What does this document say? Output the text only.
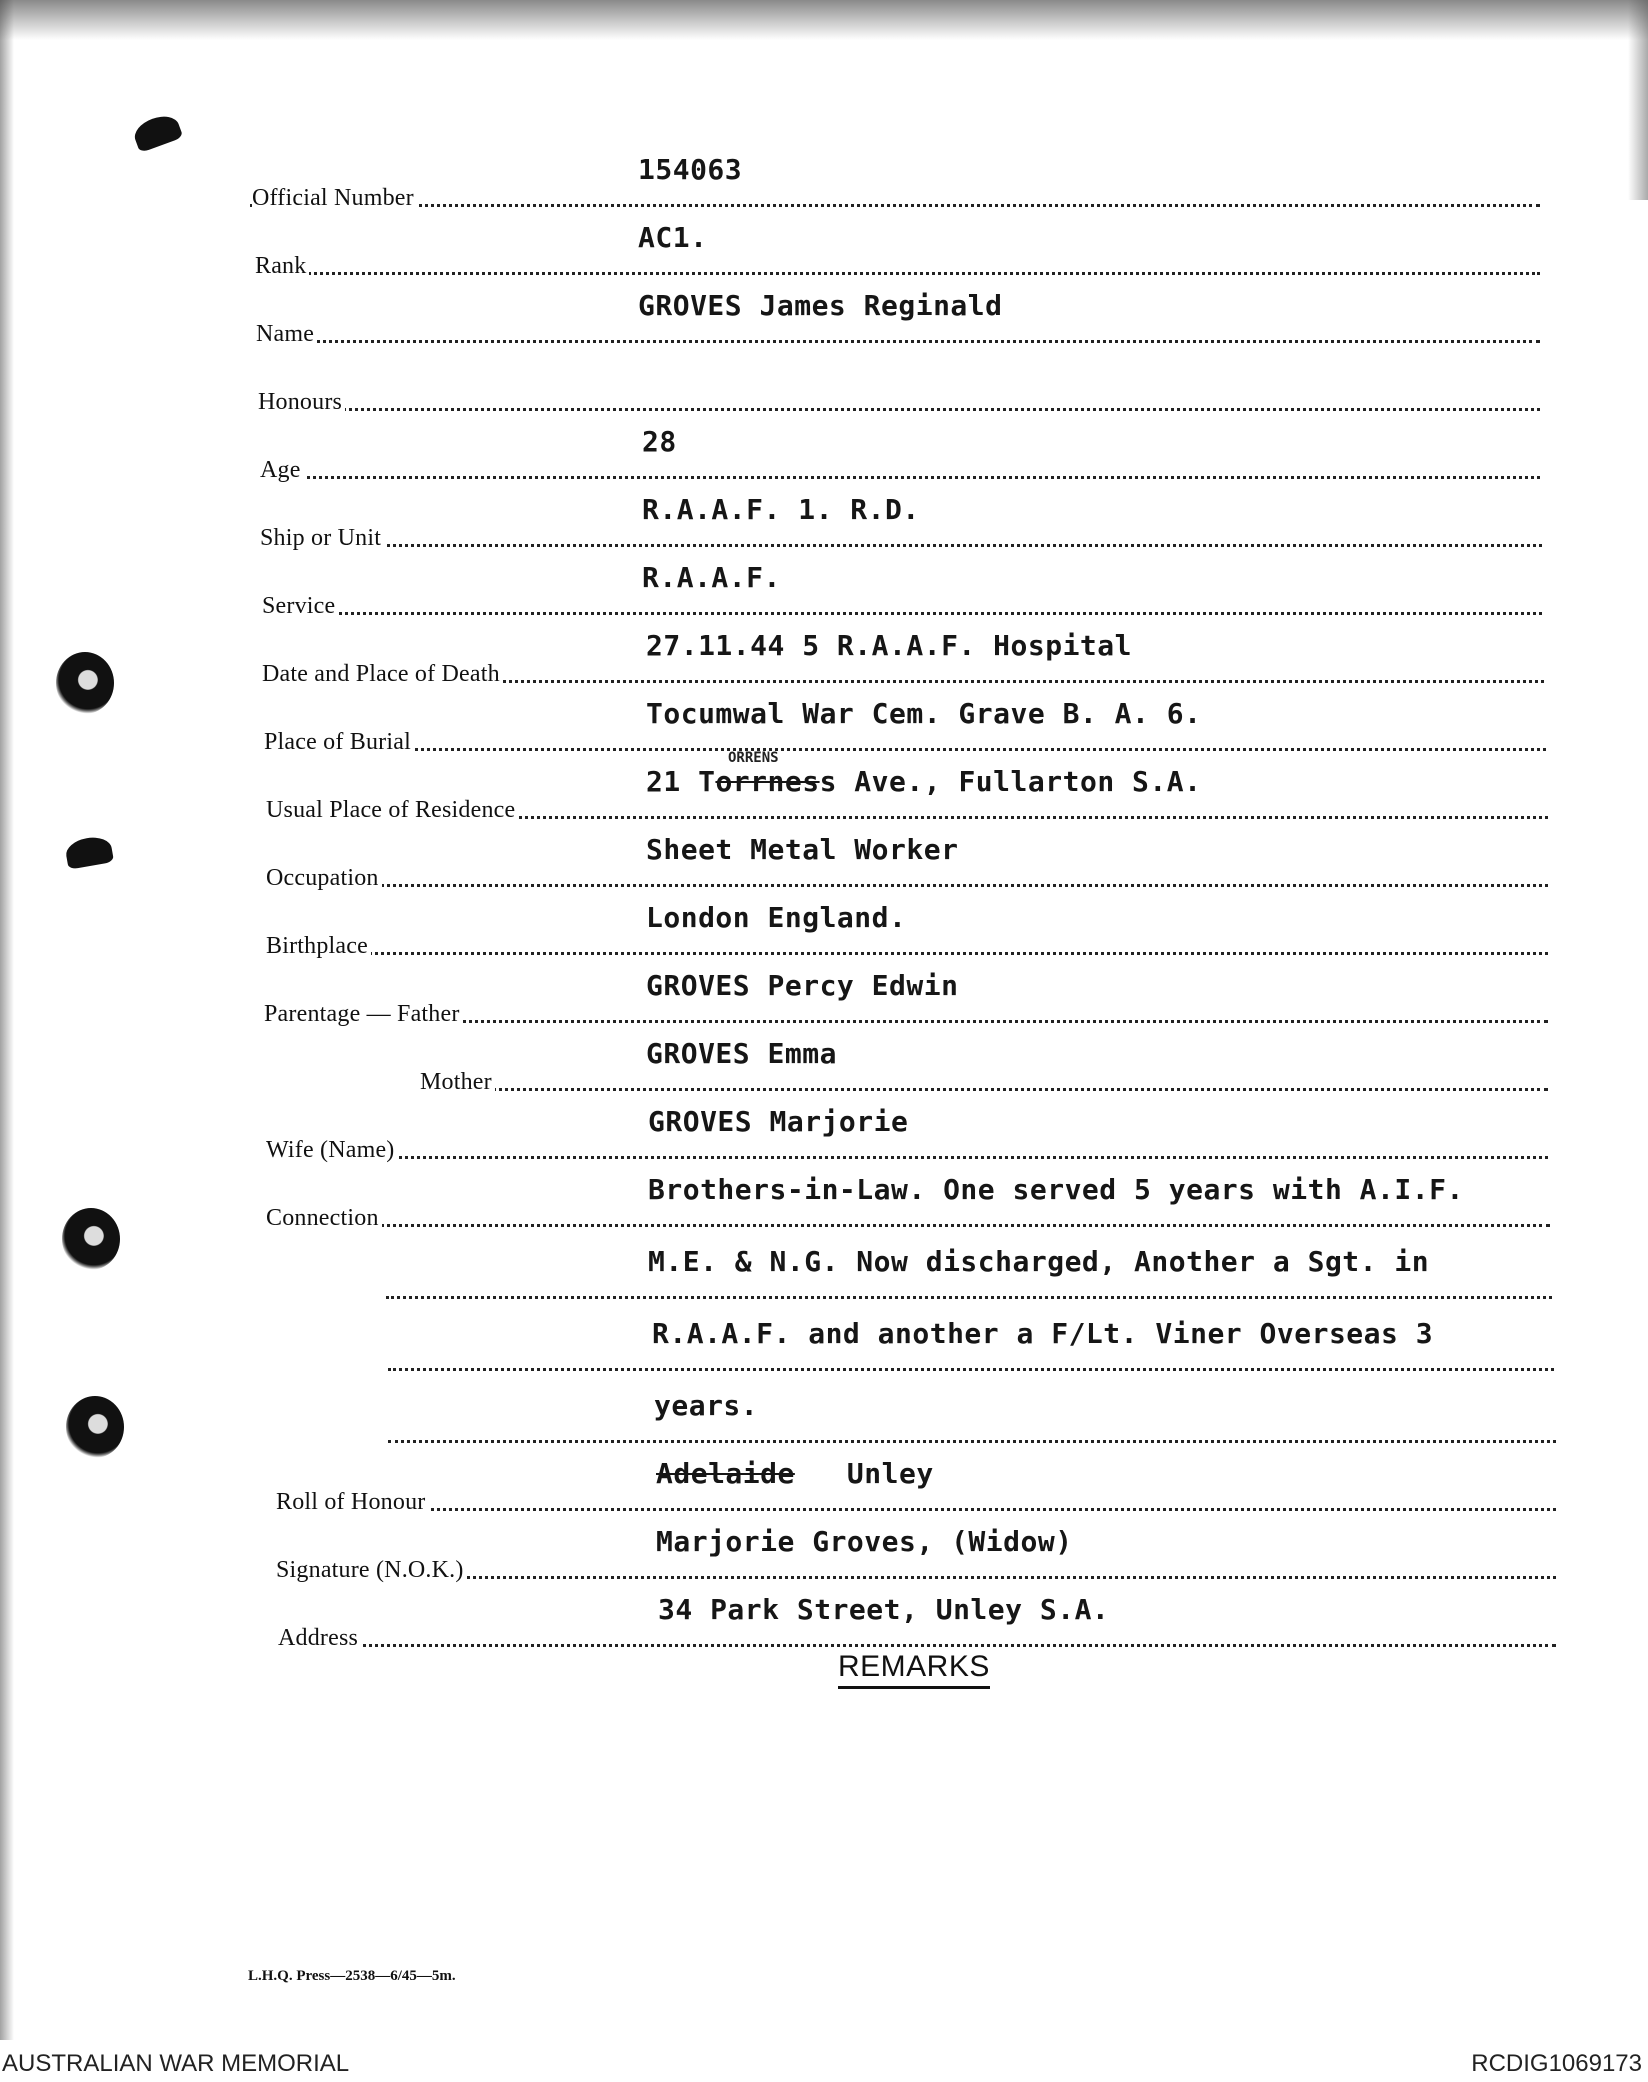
Official Number
154063
Rank
AC1.
Name
GROVES James Reginald
Honours
Age
28
Ship or Unit
R.A.A.F. 1. R.D.
Service
R.A.A.F.
Date and Place of Death
27.11.44 5 R.A.A.F. Hospital
Place of Burial
Tocumwal War Cem. Grave B. A. 6.
Usual Place of Residence
ORRENS
21 Torrness Ave., Fullarton S.A.
Occupation
Sheet Metal Worker
Birthplace
London England.
Parentage — Father
GROVES Percy Edwin
Mother
GROVES Emma
Wife (Name)
GROVES Marjorie
Connection
Brothers-in-Law. One served 5 years with A.I.F.
M.E. & N.G. Now discharged, Another a Sgt. in
R.A.A.F. and another a F/Lt. Viner Overseas 3
years.
Roll of Honour
Adelaide   Unley
Signature (N.O.K.)
Marjorie Groves, (Widow)
Address
34 Park Street, Unley S.A.
REMARKS
L.H.Q. Press—2538—6/45—5m.
AUSTRALIAN WAR MEMORIAL	RCDIG1069173
